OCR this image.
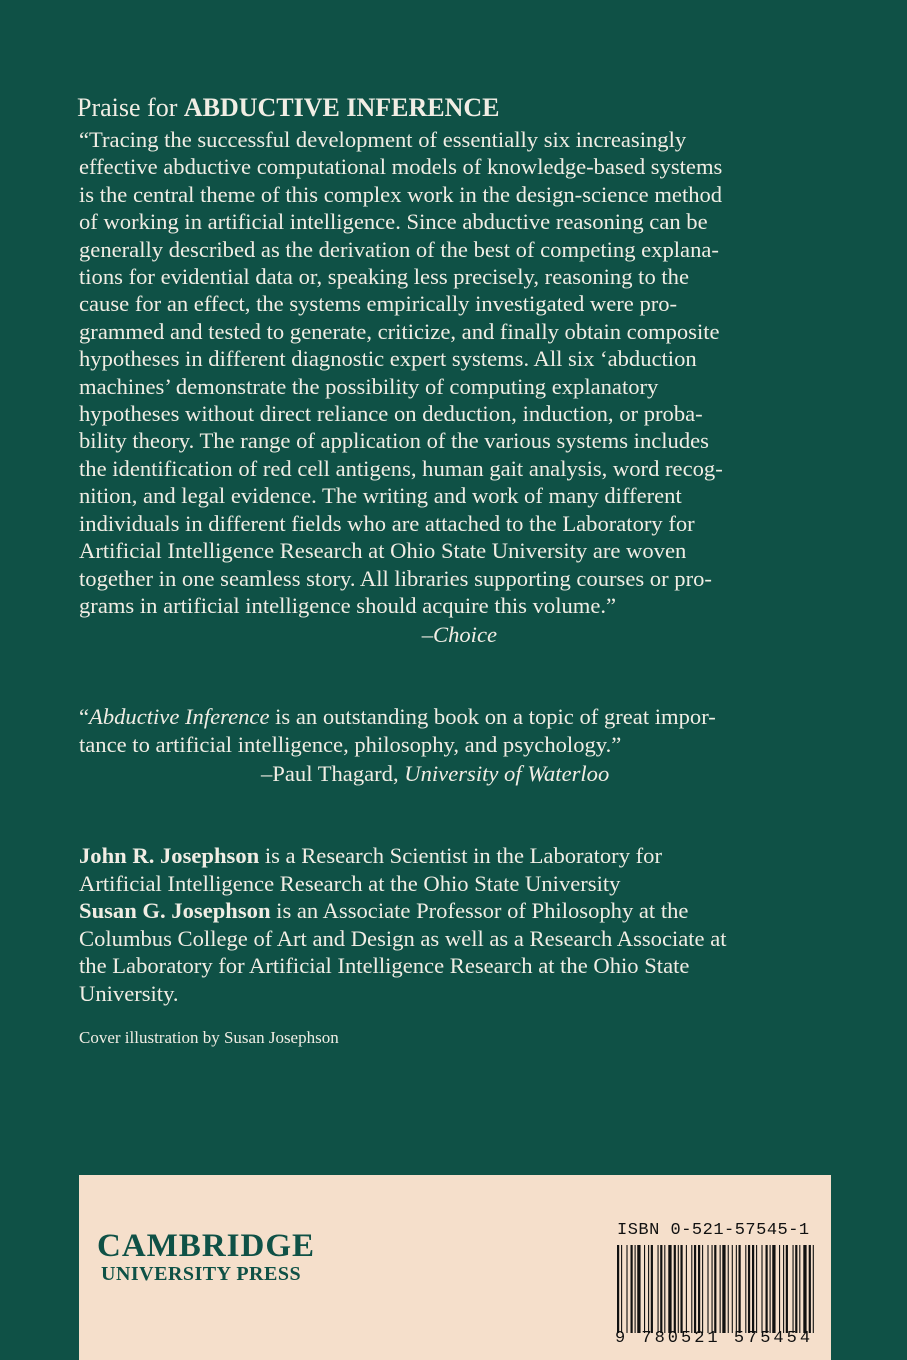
Praise for ABDUCTIVE INFERENCE

“Tracing the successful development of essentially six increasingly
effective abductive computational models of knowledge-based systems
is the central theme of this complex work in the design-science method
of working in artificial intelligence. Since abductive reasoning can be
generally described as the derivation of the best of competing explana-
tions for evidential data or, speaking less precisely, reasoning to the
cause for an effect, the systems empirically investigated were pro-
grammed and tested to generate, criticize, and finally obtain composite
hypotheses in different diagnostic expert systems. All six ‘abduction
machines’ demonstrate the possibility of computing explanatory
hypotheses without direct reliance on deduction, induction, or proba-
bility theory. The range of application of the various systems includes
the identification of red cell antigens, human gait analysis, word recog-
nition, and legal evidence. The writing and work of many different
individuals in different fields who are attached to the Laboratory for
Artificial Intelligence Research at Ohio State University are woven
together in one seamless story. All libraries supporting courses or pro-
grams in artificial intelligence should acquire this volume.”

–Choice

“Abductive Inference is an outstanding book on a topic of great impor-
tance to artificial intelligence, philosophy, and psychology.”

–Paul Thagard, University of Waterloo
John R. Josephson is a Research Scientist in the Laboratory for
Artificial Intelligence Research at the Ohio State University
Susan G. Josephson is an Associate Professor of Philosophy at the
Columbus College of Art and Design as well as a Research Associate at
the Laboratory for Artificial Intelligence Research at the Ohio State
University.
Cover illustration by Susan Josephson
CAMBRIDGE
UNIVERSITY PRESS
ISBN 0-521-57545-1
9 780521 575454
